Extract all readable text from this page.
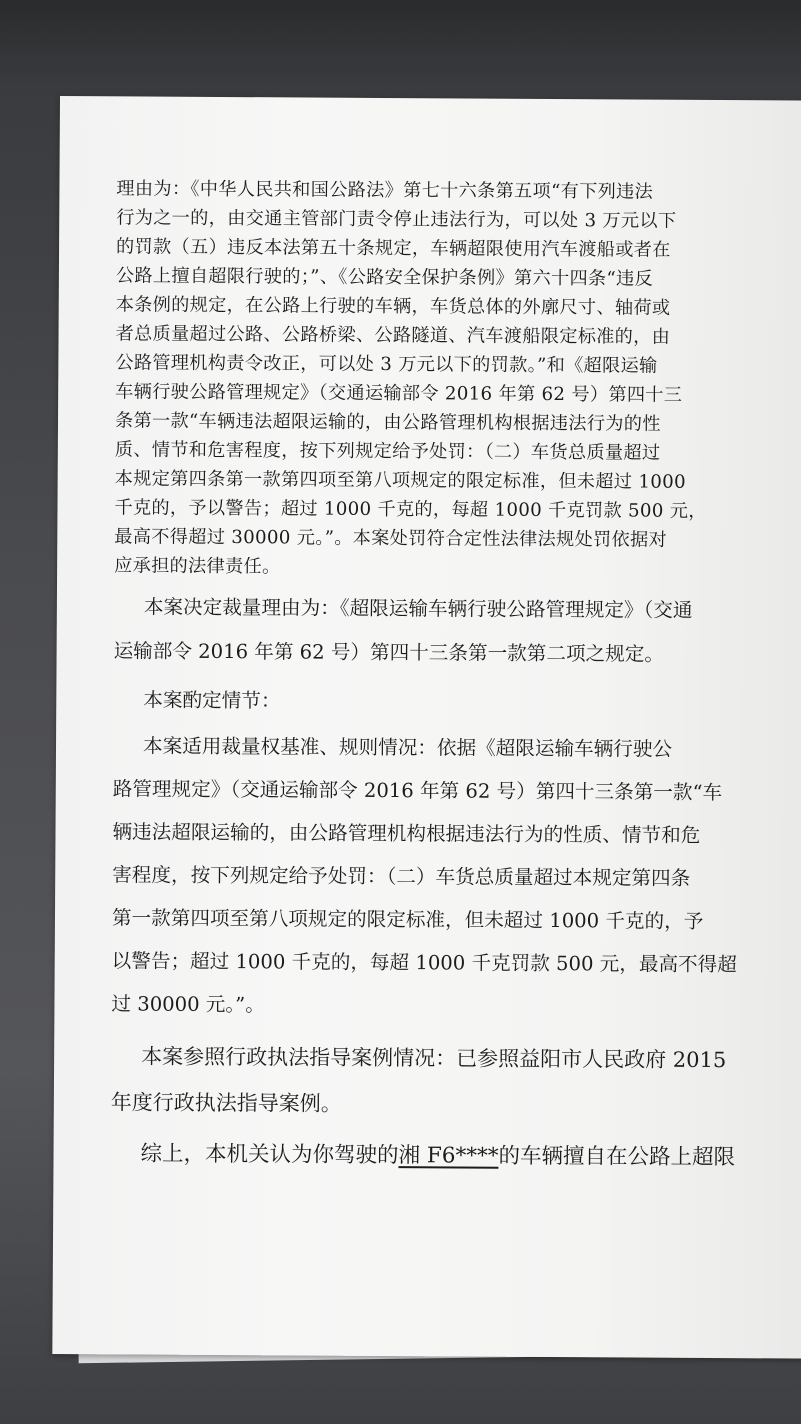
理由为：《中华人民共和国公路法》第七十六条第五项“有下列违法
行为之一的，由交通主管部门责令停止违法行为，可以处 3 万元以下
的罚款（五）违反本法第五十条规定，车辆超限使用汽车渡船或者在
公路上擅自超限行驶的；”、《公路安全保护条例》第六十四条“违反
本条例的规定，在公路上行驶的车辆，车货总体的外廓尺寸、轴荷或
者总质量超过公路、公路桥梁、公路隧道、汽车渡船限定标准的，由
公路管理机构责令改正，可以处 3 万元以下的罚款。”和《超限运输
车辆行驶公路管理规定》（交通运输部令 2016 年第 62 号）第四十三
条第一款“车辆违法超限运输的，由公路管理机构根据违法行为的性
质、情节和危害程度，按下列规定给予处罚：（二）车货总质量超过
本规定第四条第一款第四项至第八项规定的限定标准，但未超过 1000
千克的，予以警告；超过 1000 千克的，每超 1000 千克罚款 500 元，
最高不得超过 30000 元。”。本案处罚符合定性法律法规处罚依据对
应承担的法律责任。
本案决定裁量理由为：《超限运输车辆行驶公路管理规定》（交通
运输部令 2016 年第 62 号）第四十三条第一款第二项之规定。
本案酌定情节：
本案适用裁量权基准、规则情况：依据《超限运输车辆行驶公
路管理规定》（交通运输部令 2016 年第 62 号）第四十三条第一款“车
辆违法超限运输的，由公路管理机构根据违法行为的性质、情节和危
害程度，按下列规定给予处罚：（二）车货总质量超过本规定第四条
第一款第四项至第八项规定的限定标准，但未超过 1000 千克的，予
以警告；超过 1000 千克的，每超 1000 千克罚款 500 元，最高不得超
过 30000 元。”。
本案参照行政执法指导案例情况：已参照益阳市人民政府 2015
年度行政执法指导案例。
综上，本机关认为你驾驶的湘 F6****的车辆擅自在公路上超限
